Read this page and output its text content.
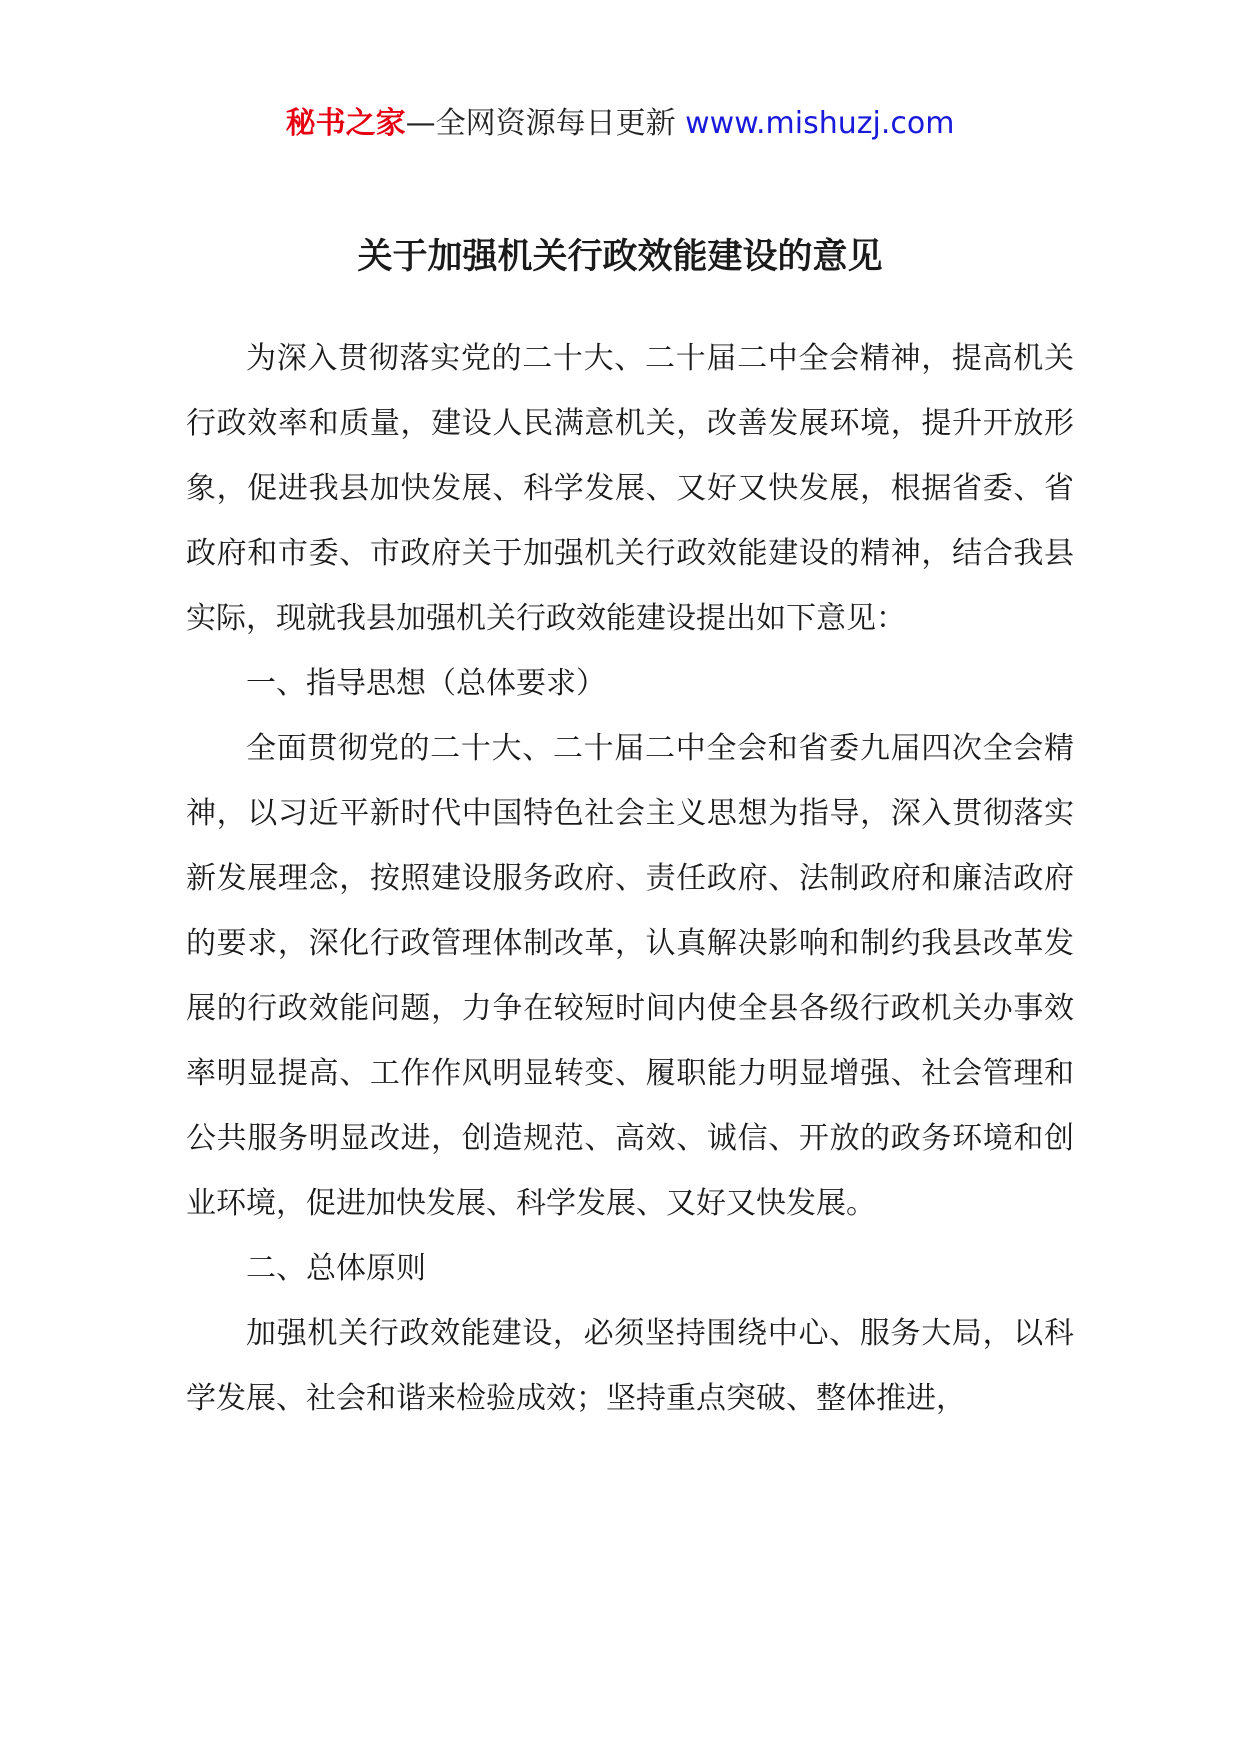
秘书之家—全网资源每日更新 www.mishuzj.com
关于加强机关行政效能建设的意见

为深入贯彻落实党的二十大、二十届二中全会精神，提高机关行政效率和质量，建设人民满意机关，改善发展环境，提升开放形象，促进我县加快发展、科学发展、又好又快发展，根据省委、省政府和市委、市政府关于加强机关行政效能建设的精神，结合我县实际，现就我县加强机关行政效能建设提出如下意见：

一、指导思想（总体要求）

全面贯彻党的二十大、二十届二中全会和省委九届四次全会精神，以习近平新时代中国特色社会主义思想为指导，深入贯彻落实新发展理念，按照建设服务政府、责任政府、法制政府和廉洁政府的要求，深化行政管理体制改革，认真解决影响和制约我县改革发展的行政效能问题，力争在较短时间内使全县各级行政机关办事效率明显提高、工作作风明显转变、履职能力明显增强、社会管理和公共服务明显改进，创造规范、高效、诚信、开放的政务环境和创业环境，促进加快发展、科学发展、又好又快发展。

二、总体原则

加强机关行政效能建设，必须坚持围绕中心、服务大局，以科学发展、社会和谐来检验成效；坚持重点突破、整体推进，
